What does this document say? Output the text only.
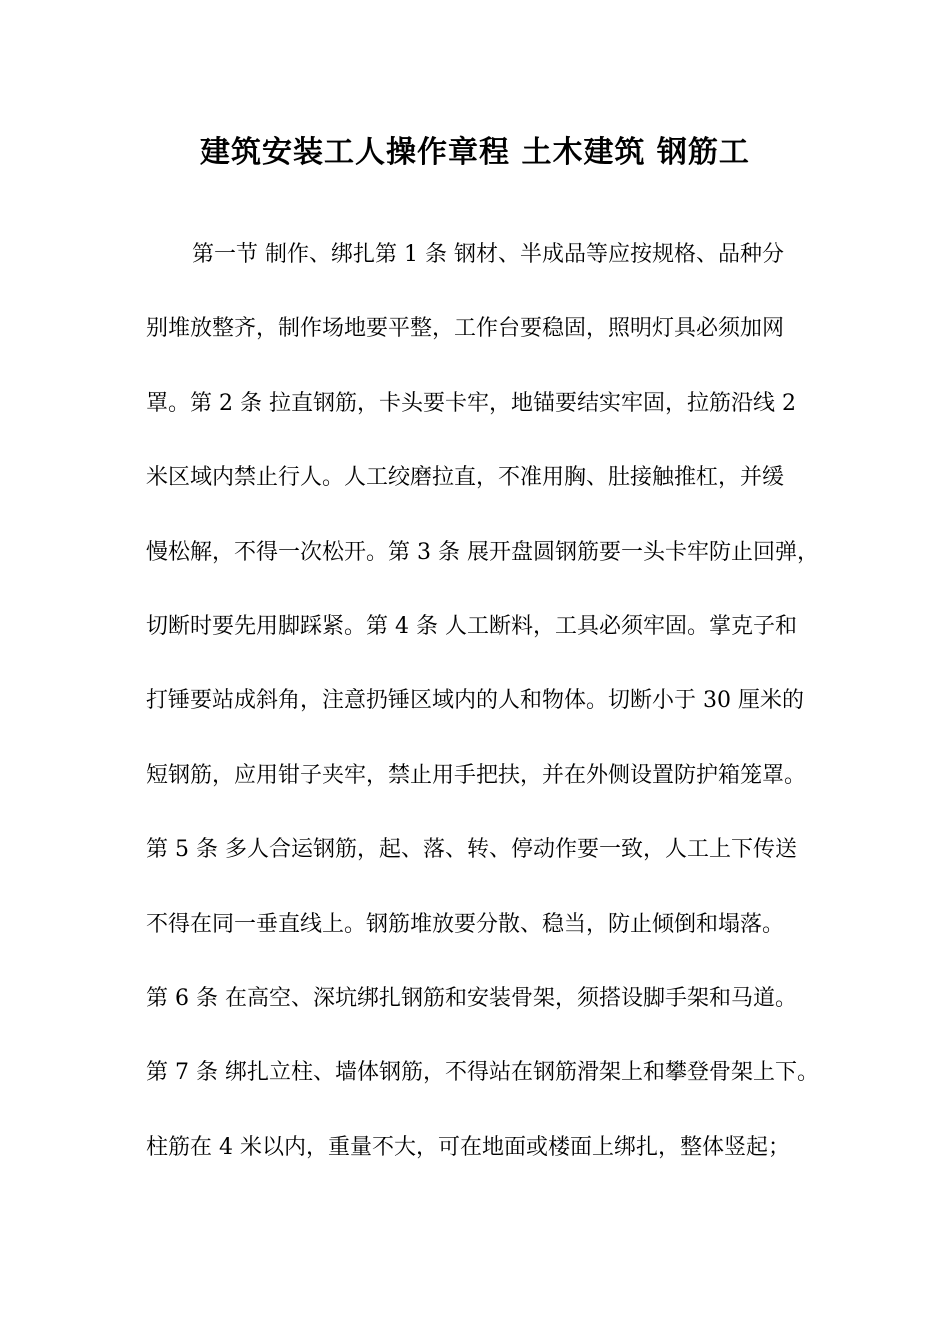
建筑安装工人操作章程 土木建筑 钢筋工
第一节 制作、绑扎第 1 条 钢材、半成品等应按规格、品种分
别堆放整齐，制作场地要平整，工作台要稳固，照明灯具必须加网
罩。第 2 条 拉直钢筋，卡头要卡牢，地锚要结实牢固，拉筋沿线 2
米区域内禁止行人。人工绞磨拉直，不准用胸、肚接触推杠，并缓
慢松解，不得一次松开。第 3 条 展开盘圆钢筋要一头卡牢防止回弹，
切断时要先用脚踩紧。第 4 条 人工断料，工具必须牢固。掌克子和
打锤要站成斜角，注意扔锤区域内的人和物体。切断小于 30 厘米的
短钢筋，应用钳子夹牢，禁止用手把扶，并在外侧设置防护箱笼罩。
第 5 条 多人合运钢筋，起、落、转、停动作要一致，人工上下传送
不得在同一垂直线上。钢筋堆放要分散、稳当，防止倾倒和塌落。
第 6 条 在高空、深坑绑扎钢筋和安装骨架，须搭设脚手架和马道。
第 7 条 绑扎立柱、墙体钢筋，不得站在钢筋滑架上和攀登骨架上下。
柱筋在 4 米以内，重量不大，可在地面或楼面上绑扎，整体竖起；
